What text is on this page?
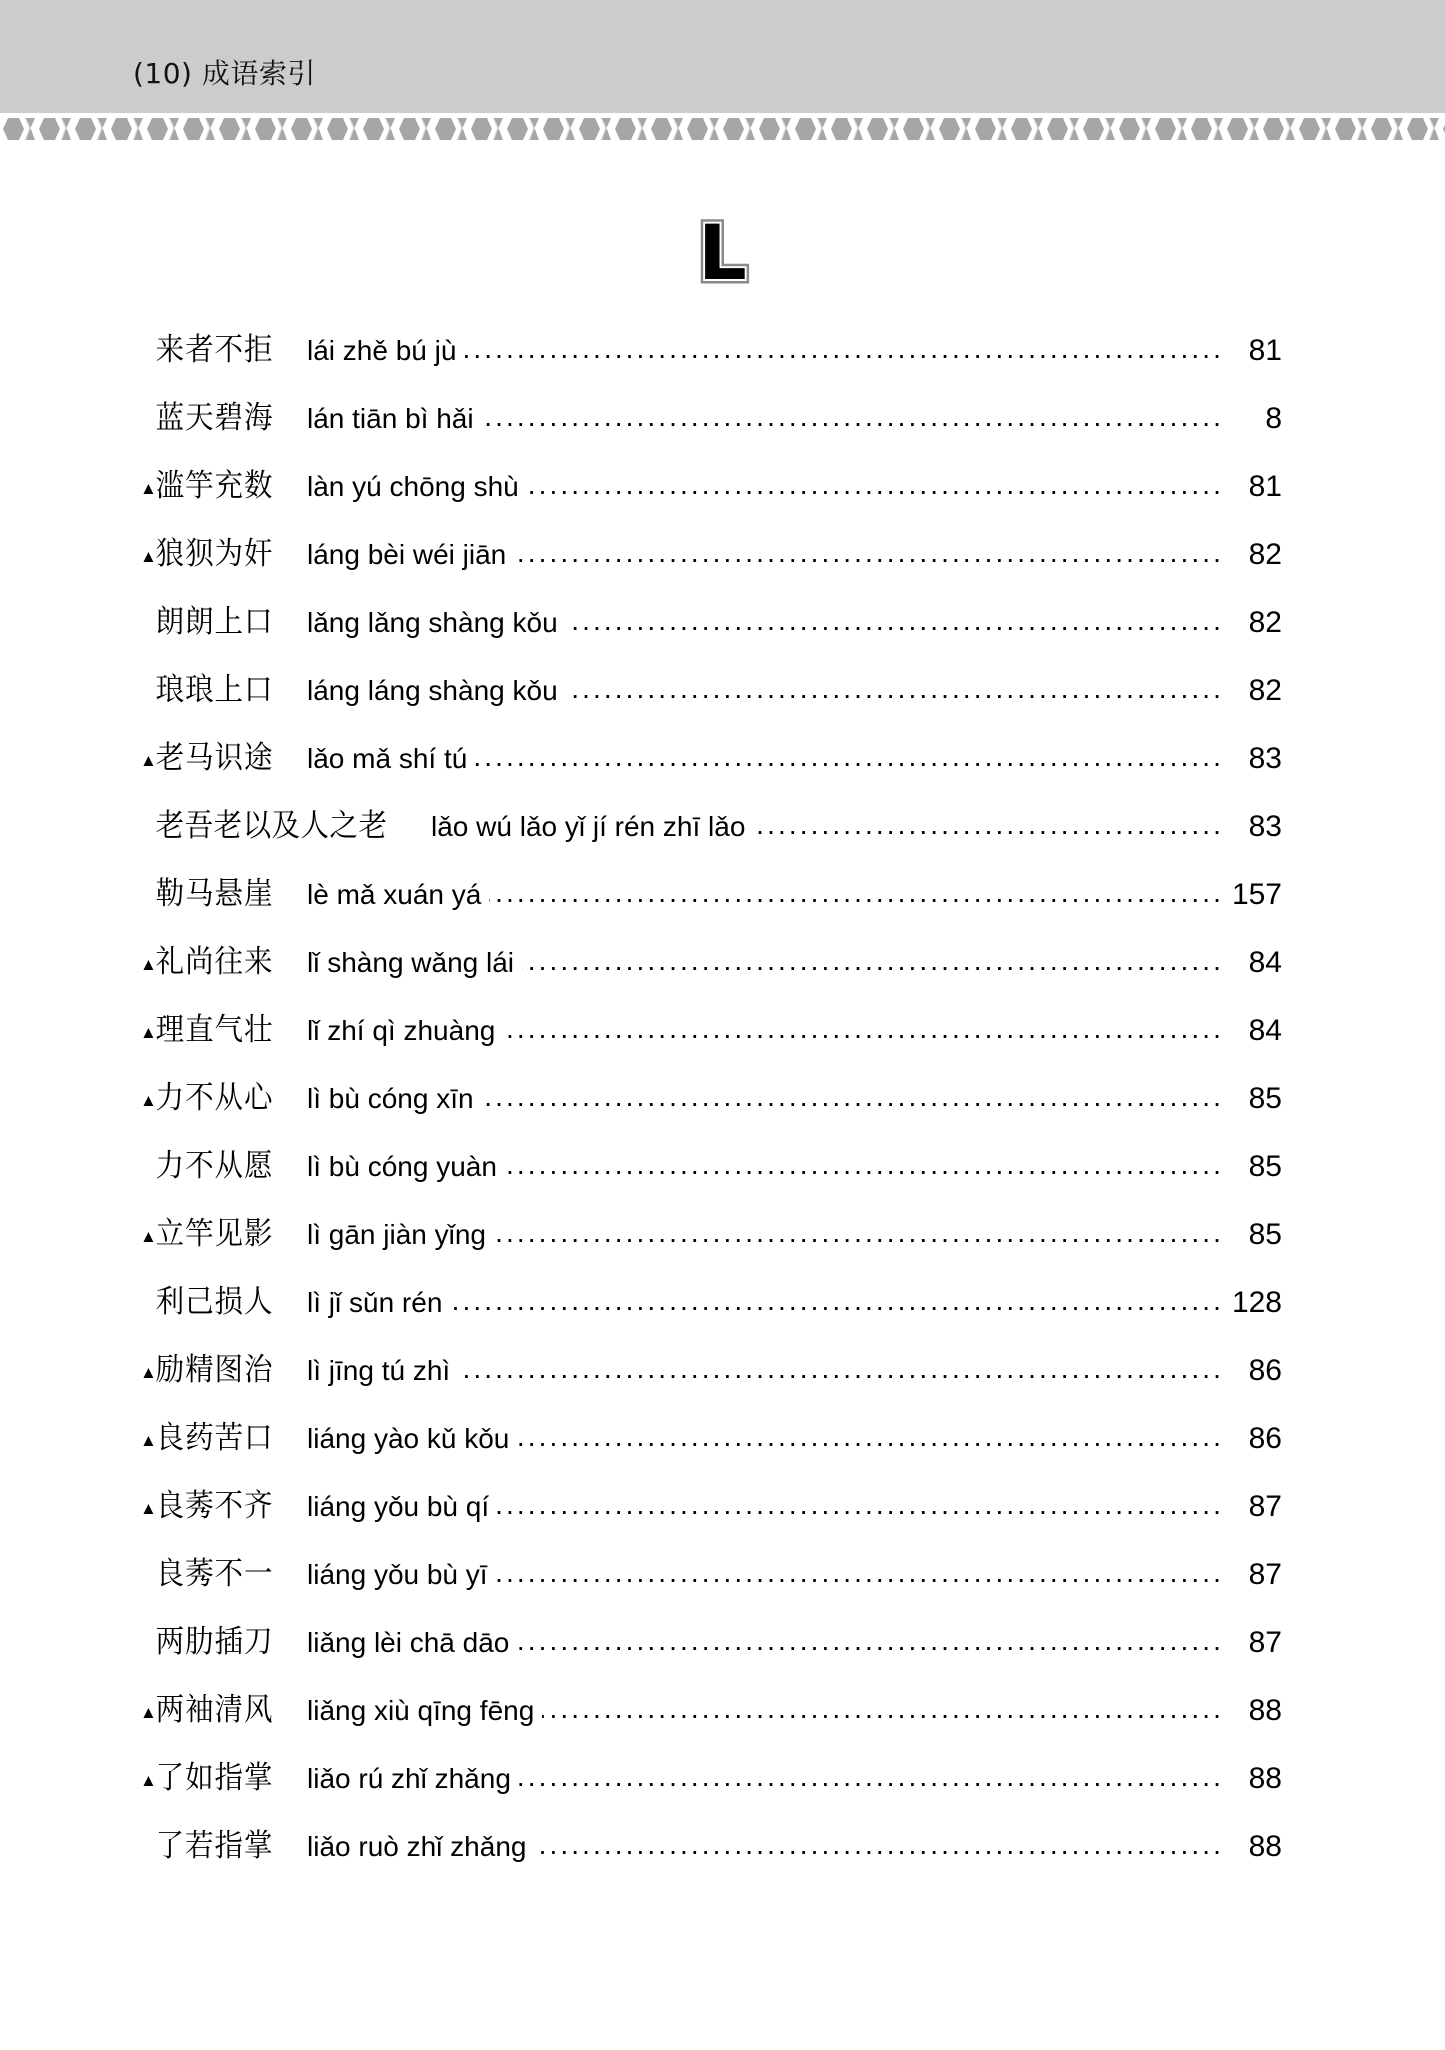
(10) 成语索引
L L L
来者不拒 lái zhě bú jù .....	81
蓝天碧海 lán tiān bì hǎi .....	8
▲
滥竽充数 làn yú chōng shù .....	81
▲
狼狈为奸 láng bèi wéi jiān .....	82
朗朗上口 lǎng lǎng shàng kǒu .....	82
琅琅上口 láng láng shàng kǒu .....	82
▲
老马识途 lǎo mǎ shí tú .....	83
老吾老以及人之老 lǎo wú lǎo yǐ jí rén zhī lǎo .....	83
勒马悬崖 lè mǎ xuán yá .....	157
▲
礼尚往来 lǐ shàng wǎng lái .....	84
▲
理直气壮 lǐ zhí qì zhuàng .....	84
▲
力不从心 lì bù cóng xīn .....	85
力不从愿 lì bù cóng yuàn .....	85
▲
立竿见影 lì gān jiàn yǐng .....	85
利己损人 lì jǐ sǔn rén .....	128
▲
励精图治 lì jīng tú zhì .....	86
▲
良药苦口 liáng yào kǔ kǒu .....	86
▲
良莠不齐 liáng yǒu bù qí .....	87
良莠不一 liáng yǒu bù yī .....	87
两肋插刀 liǎng lèi chā dāo .....	87
▲
两袖清风 liǎng xiù qīng fēng .....	88
▲
了如指掌 liǎo rú zhǐ zhǎng .....	88
了若指掌 liǎo ruò zhǐ zhǎng .....	88
